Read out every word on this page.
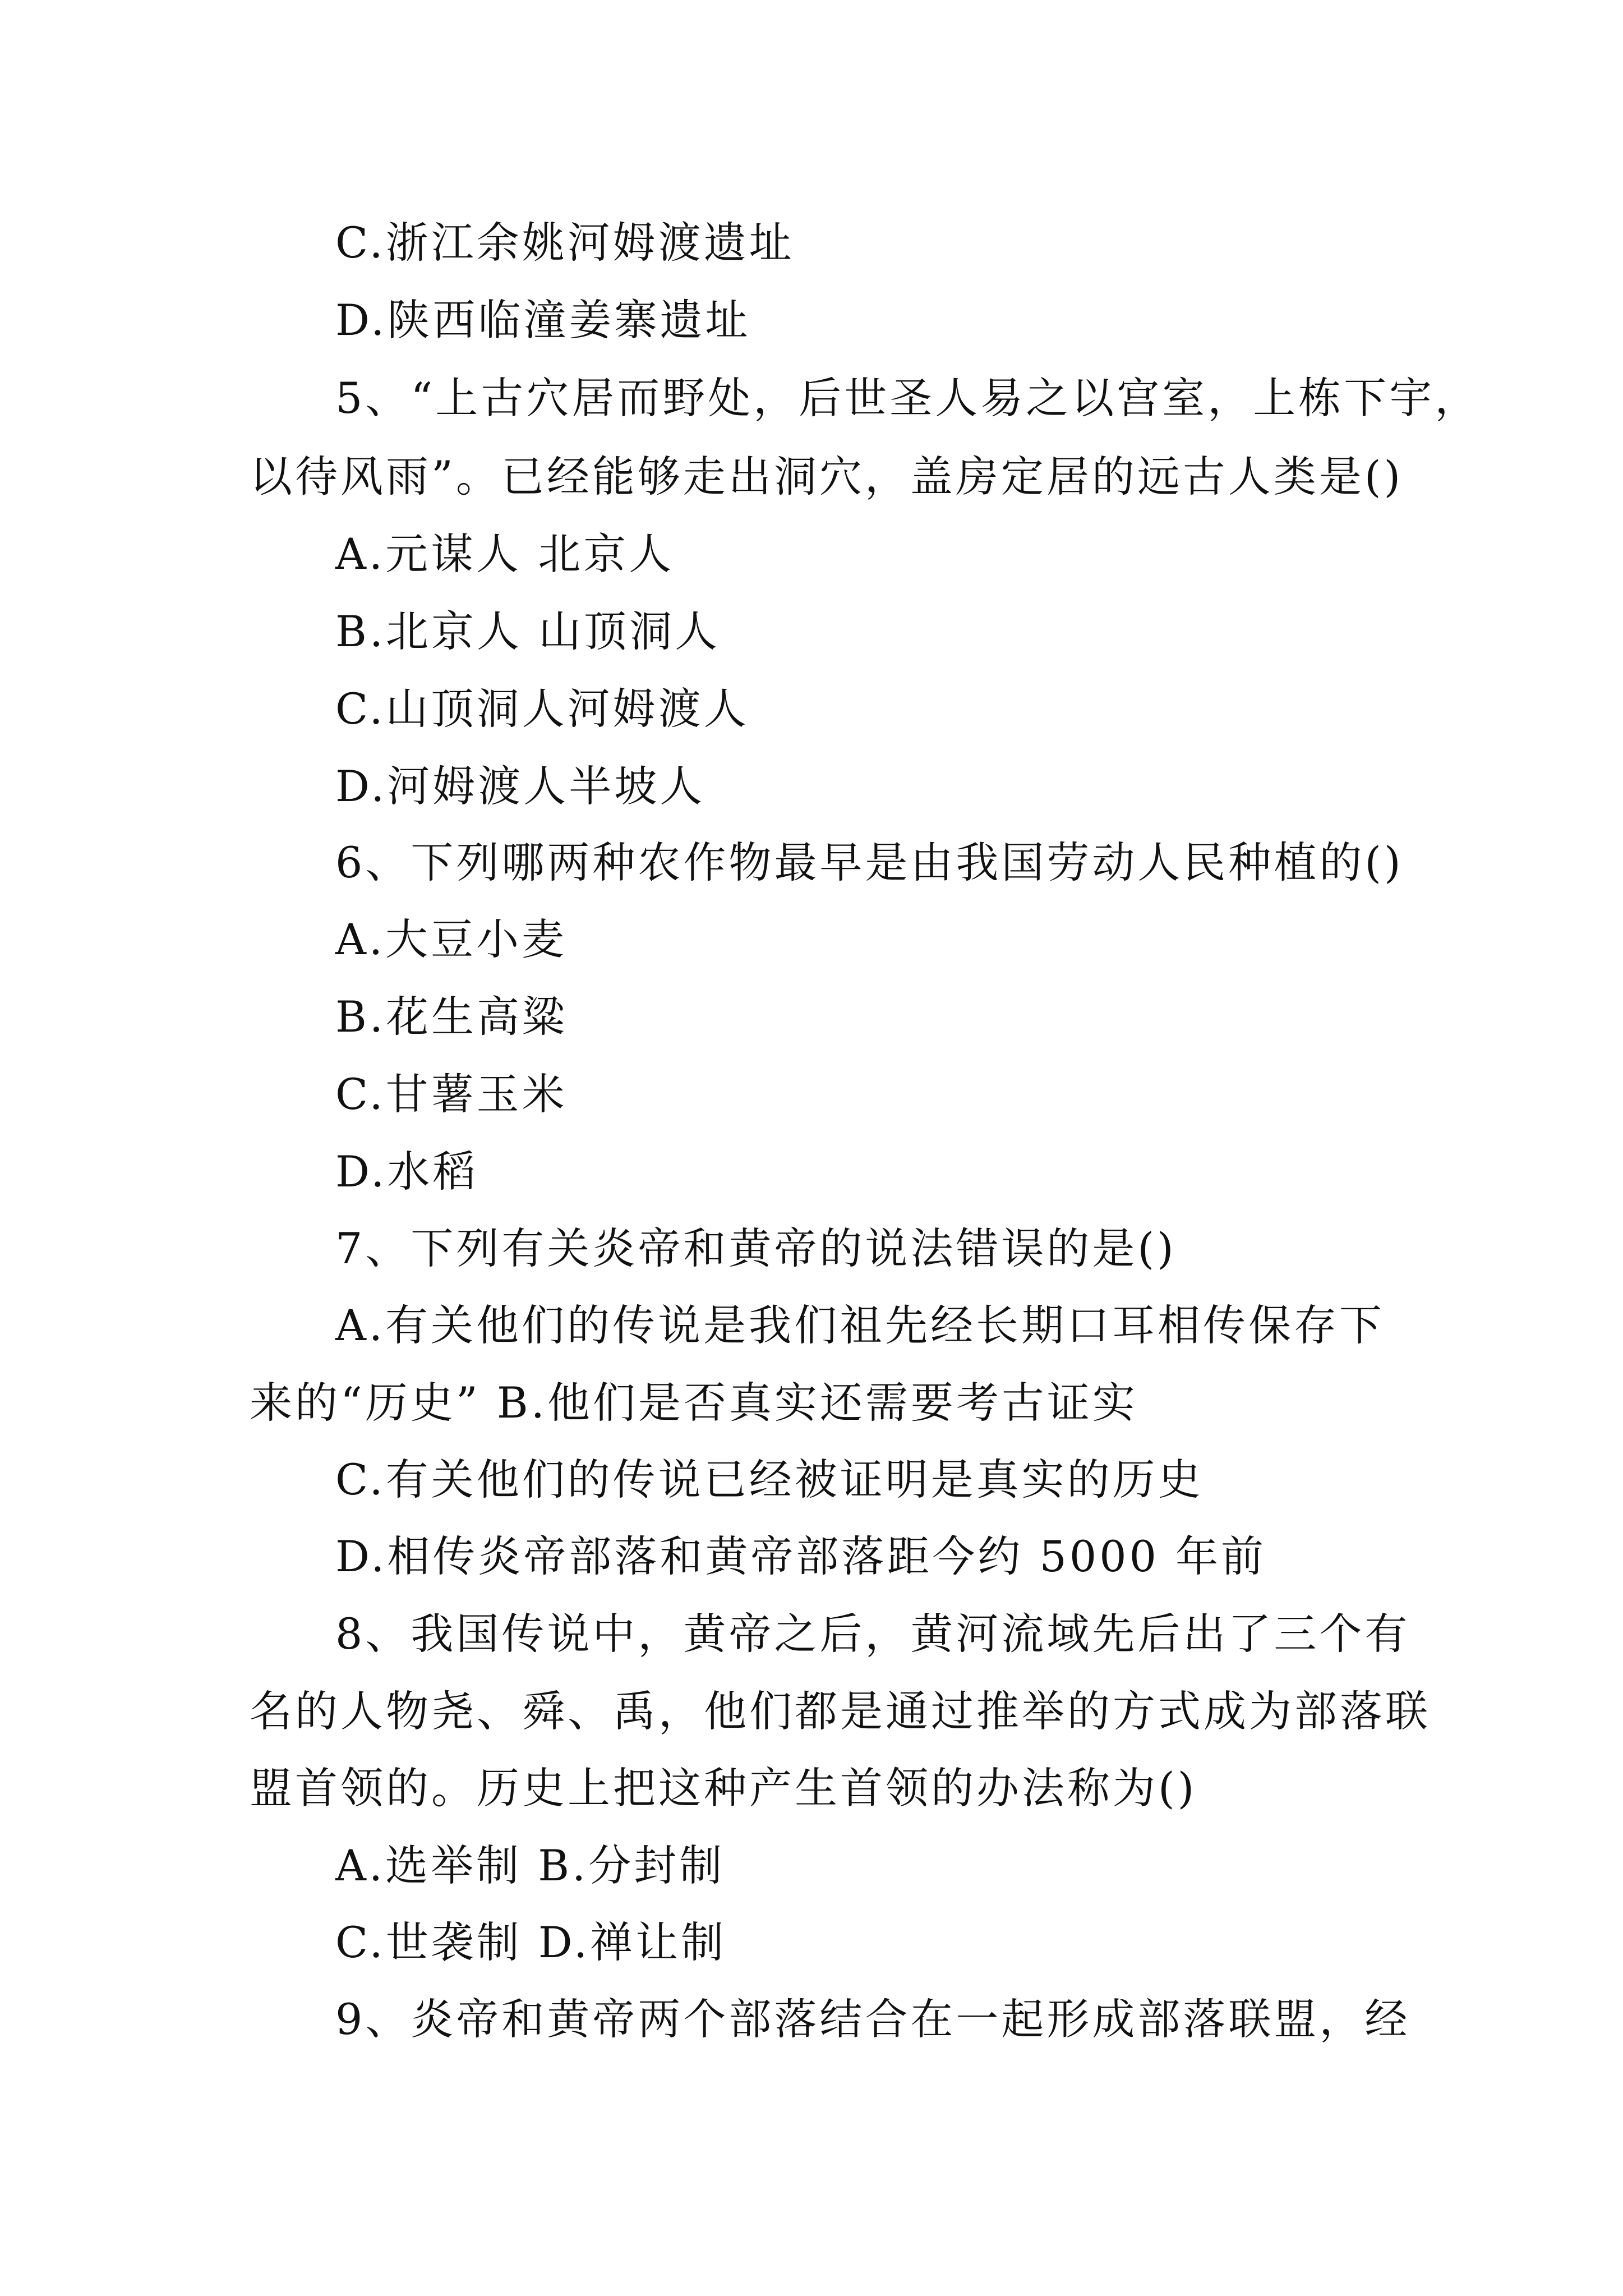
C.浙江余姚河姆渡遗址
D.陕西临潼姜寨遗址
5、“上古穴居而野处，后世圣人易之以宫室，上栋下宇，
以待风雨”。已经能够走出洞穴，盖房定居的远古人类是()
A.元谋人 北京人
B.北京人 山顶洞人
C.山顶洞人河姆渡人
D.河姆渡人半坡人
6、下列哪两种农作物最早是由我国劳动人民种植的()
A.大豆小麦
B.花生高粱
C.甘薯玉米
D.水稻
7、下列有关炎帝和黄帝的说法错误的是()
A.有关他们的传说是我们祖先经长期口耳相传保存下
来的“历史” B.他们是否真实还需要考古证实
C.有关他们的传说已经被证明是真实的历史
D.相传炎帝部落和黄帝部落距今约 5000 年前
8、我国传说中，黄帝之后，黄河流域先后出了三个有
名的人物尧、舜、禹，他们都是通过推举的方式成为部落联
盟首领的。历史上把这种产生首领的办法称为()
A.选举制 B.分封制
C.世袭制 D.禅让制
9、炎帝和黄帝两个部落结合在一起形成部落联盟，经
